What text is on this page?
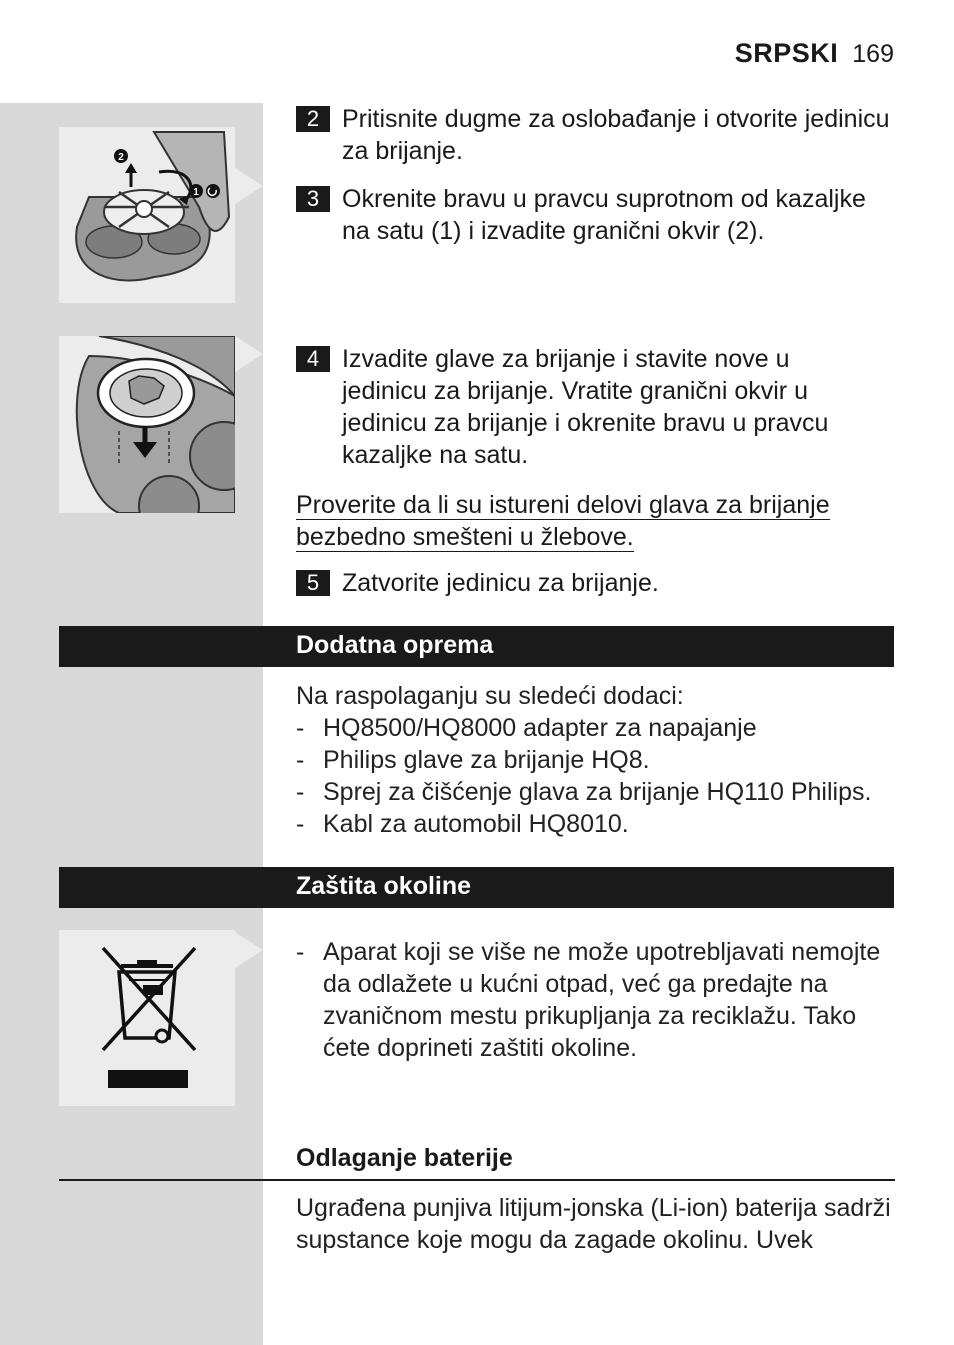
SRPSKI 169
2
1
2 Pritisnite dugme za oslobađanje i otvorite jedinicu za brijanje.
3 Okrenite bravu u pravcu suprotnom od kazaljke na satu (1) i izvadite granični okvir (2).
4 Izvadite glave za brijanje i stavite nove u jedinicu za brijanje. Vratite granični okvir u jedinicu za brijanje i okrenite bravu u pravcu kazaljke na satu.
Proverite da li su istureni delovi glava za brijanje
bezbedno smešteni u žlebove.
5 Zatvorite jedinicu za brijanje.
Dodatna oprema
Na raspolaganju su sledeći dodaci:
- HQ8500/HQ8000 adapter za napajanje
- Philips glave za brijanje HQ8.
- Sprej za čišćenje glava za brijanje HQ110 Philips.
- Kabl za automobil HQ8010.
Zaštita okoline
- Aparat koji se više ne može upotrebljavati nemojte da odlažete u kućni otpad, već ga predajte na zvaničnom mestu prikupljanja za reciklažu. Tako ćete doprineti zaštiti okoline.
Odlaganje baterije
Ugrađena punjiva litijum-jonska (Li-ion) baterija sadrži supstance koje mogu da zagade okolinu. Uvek
